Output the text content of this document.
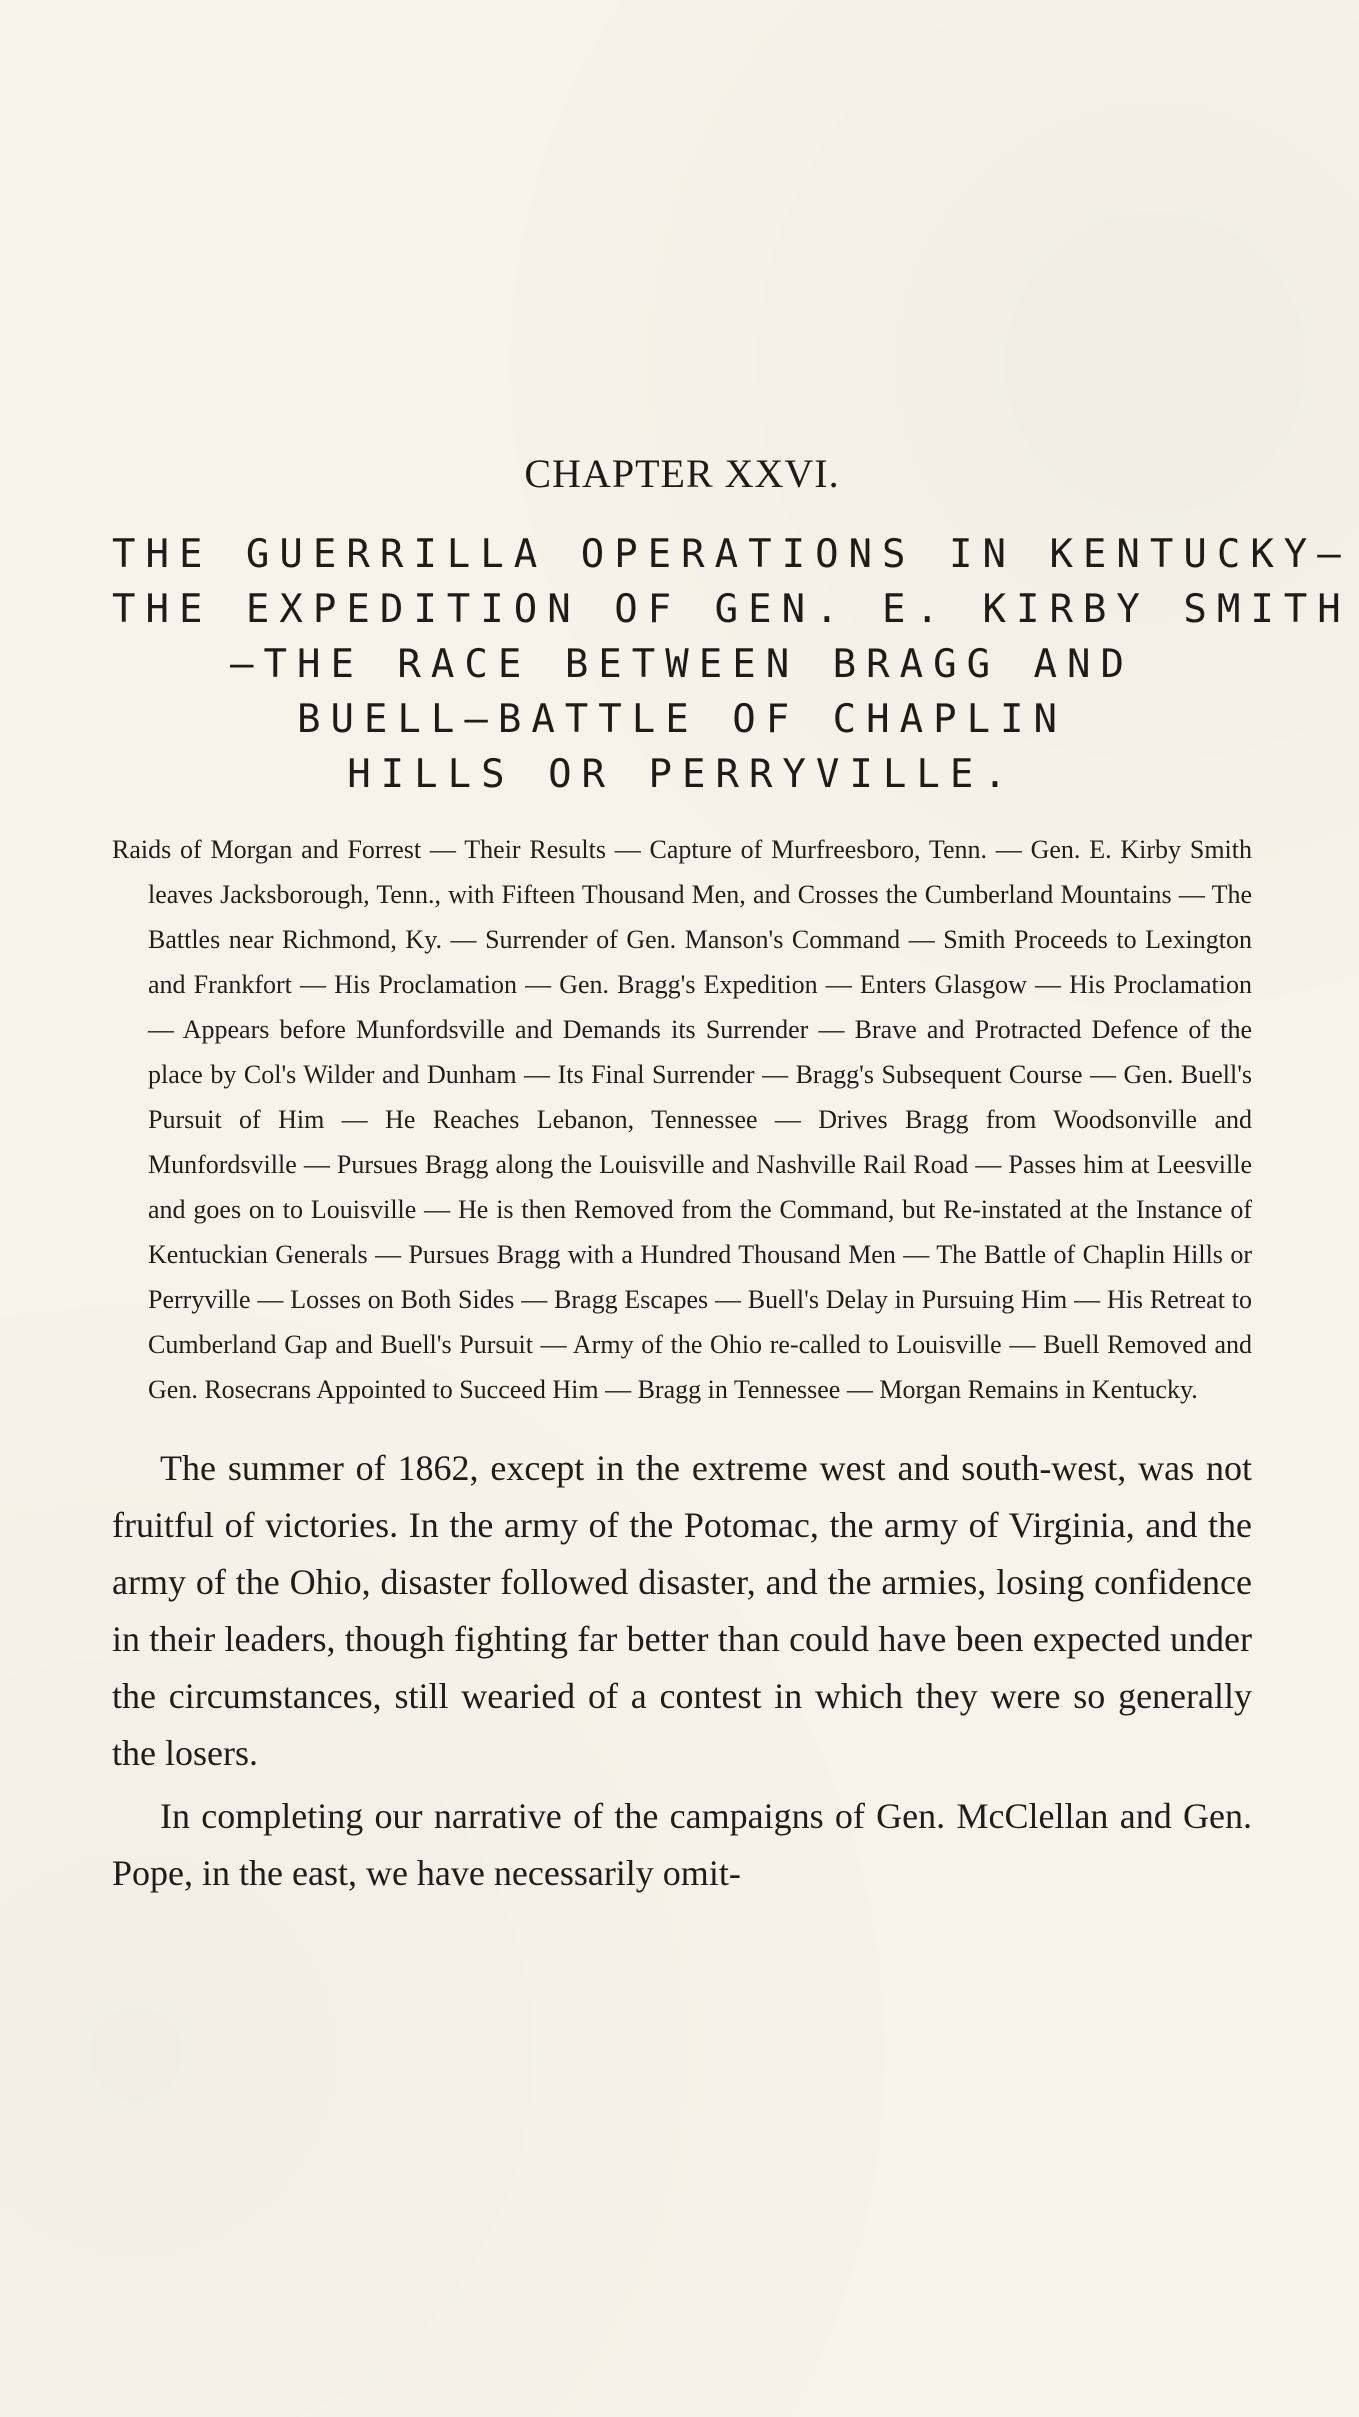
CHAPTER XXVI.
THE GUERRILLA OPERATIONS IN KENTUCKY—
THE EXPEDITION OF GEN. E. KIRBY SMITH
—THE RACE BETWEEN BRAGG AND
BUELL—BATTLE OF CHAPLIN
HILLS OR PERRYVILLE.

Raids of Morgan and Forrest — Their Results — Capture of Murfreesboro, Tenn. — Gen. E. Kirby Smith leaves Jacksborough, Tenn., with Fifteen Thousand Men, and Crosses the Cumberland Mountains — The Battles near Richmond, Ky. — Surrender of Gen. Manson's Command — Smith Proceeds to Lexington and Frankfort — His Proclamation — Gen. Bragg's Expedition — Enters Glasgow — His Proclamation — Appears before Munfordsville and Demands its Surrender — Brave and Protracted Defence of the place by Col's Wilder and Dunham — Its Final Surrender — Bragg's Subsequent Course — Gen. Buell's Pursuit of Him — He Reaches Lebanon, Tennessee — Drives Bragg from Woodsonville and Munfordsville — Pursues Bragg along the Louisville and Nashville Rail Road — Passes him at Leesville and goes on to Louisville — He is then Removed from the Command, but Re-instated at the Instance of Kentuckian Generals — Pursues Bragg with a Hundred Thousand Men — The Battle of Chaplin Hills or Perryville — Losses on Both Sides — Bragg Escapes — Buell's Delay in Pursuing Him — His Retreat to Cumberland Gap and Buell's Pursuit — Army of the Ohio re-called to Louisville — Buell Removed and Gen. Rosecrans Appointed to Succeed Him — Bragg in Tennessee — Morgan Remains in Kentucky.

The summer of 1862, except in the extreme west and south-west, was not fruitful of victories. In the army of the Potomac, the army of Virginia, and the army of the Ohio, disaster followed disaster, and the armies, losing confidence in their leaders, though fighting far better than could have been expected under the circumstances, still wearied of a contest in which they were so generally the losers.

In completing our narrative of the campaigns of Gen. McClellan and Gen. Pope, in the east, we have necessarily omit-
